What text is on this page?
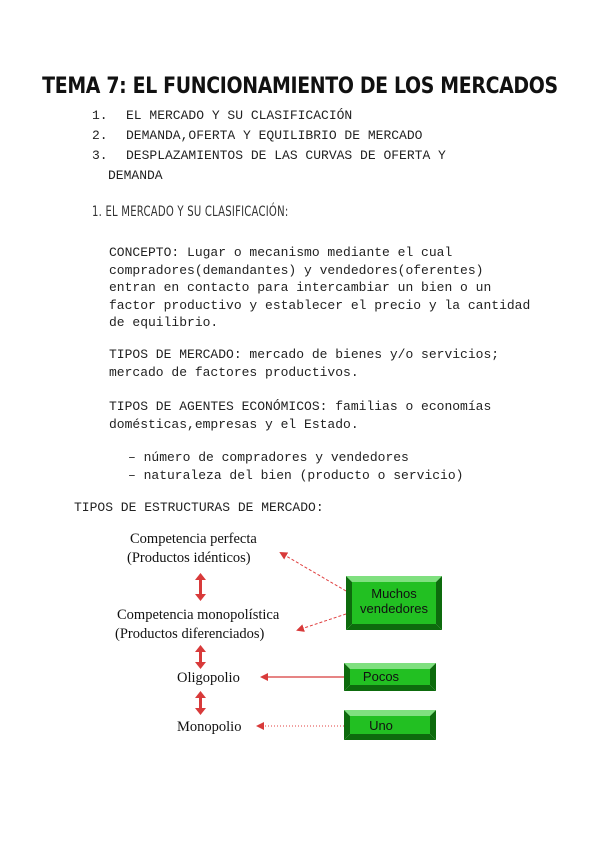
TEMA 7: EL FUNCIONAMIENTO DE LOS MERCADOS
1. EL MERCADO Y SU CLASIFICACIÓN
2. DEMANDA,OFERTA Y EQUILIBRIO DE MERCADO
3. DESPLAZAMIENTOS DE LAS CURVAS DE OFERTA Y
DEMANDA
1. EL MERCADO Y SU CLASIFICACIÓN:
CONCEPTO: Lugar o mecanismo mediante el cual
compradores(demandantes) y vendedores(oferentes)
entran en contacto para intercambiar un bien o un
factor productivo y establecer el precio y la cantidad
de equilibrio.
TIPOS DE MERCADO: mercado de bienes y/o servicios;
mercado de factores productivos.
TIPOS DE AGENTES ECONÓMICOS: familias o economías
domésticas,empresas y el Estado.
– número de compradores y vendedores
– naturaleza del bien (producto o servicio)
TIPOS DE ESTRUCTURAS DE MERCADO:
Competencia perfecta
(Productos idénticos)
Competencia monopolística
(Productos diferenciados)
Oligopolio
Monopolio
Muchos
vendedores
Pocos
Uno
